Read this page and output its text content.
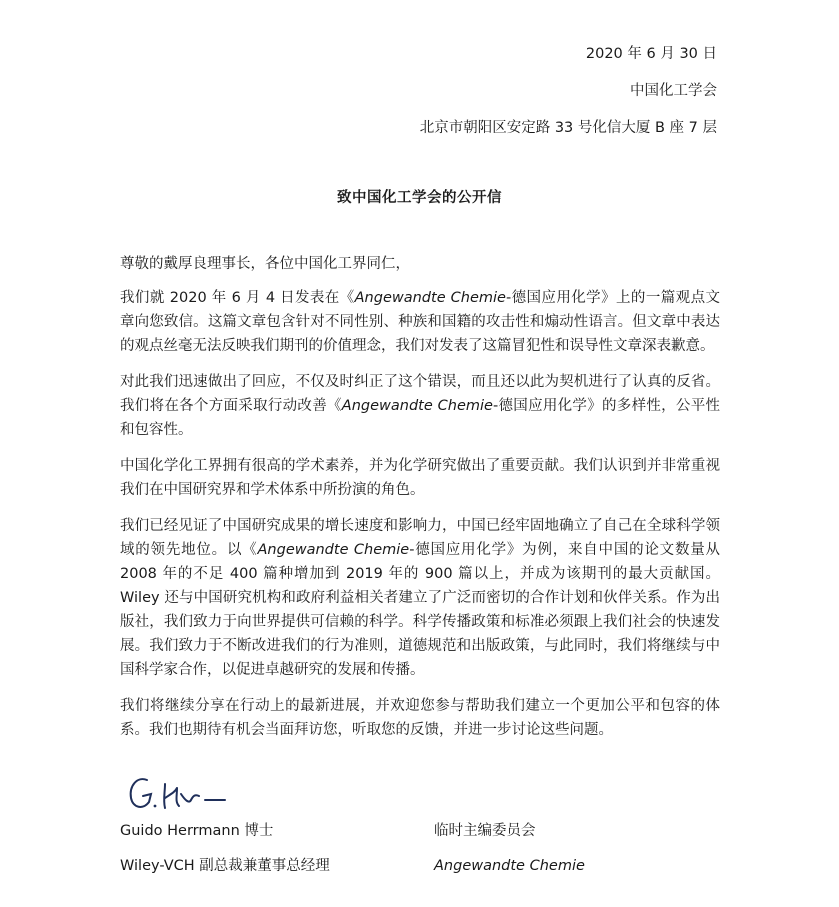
2020 年 6 月 30 日
中国化工学会
北京市朝阳区安定路 33 号化信大厦 B 座 7 层
致中国化工学会的公开信
尊敬的戴厚良理事长，各位中国化工界同仁，

我们就 2020 年 6 月 4 日发表在《Angewandte Chemie-德国应用化学》上的一篇观点文章向您致信。这篇文章包含针对不同性别、种族和国籍的攻击性和煽动性语言。但文章中表达的观点丝毫无法反映我们期刊的价值理念，我们对发表了这篇冒犯性和误导性文章深表歉意。

对此我们迅速做出了回应，不仅及时纠正了这个错误，而且还以此为契机进行了认真的反省。我们将在各个方面采取行动改善《Angewandte Chemie-德国应用化学》的多样性，公平性和包容性。

中国化学化工界拥有很高的学术素养，并为化学研究做出了重要贡献。我们认识到并非常重视我们在中国研究界和学术体系中所扮演的角色。

我们已经见证了中国研究成果的增长速度和影响力，中国已经牢固地确立了自己在全球科学领域的领先地位。以《Angewandte Chemie-德国应用化学》为例，来自中国的论文数量从 2008 年的不足 400 篇种增加到 2019 年的 900 篇以上，并成为该期刊的最大贡献国。Wiley 还与中国研究机构和政府利益相关者建立了广泛而密切的合作计划和伙伴关系。作为出版社，我们致力于向世界提供可信赖的科学。科学传播政策和标准必须跟上我们社会的快速发展。我们致力于不断改进我们的行为准则，道德规范和出版政策，与此同时，我们将继续与中国科学家合作，以促进卓越研究的发展和传播。

我们将继续分享在行动上的最新进展，并欢迎您参与帮助我们建立一个更加公平和包容的体系。我们也期待有机会当面拜访您，听取您的反馈，并进一步讨论这些问题。

Guido Herrmann 博士
Wiley-VCH 副总裁兼董事总经理
临时主编委员会
Angewandte Chemie
